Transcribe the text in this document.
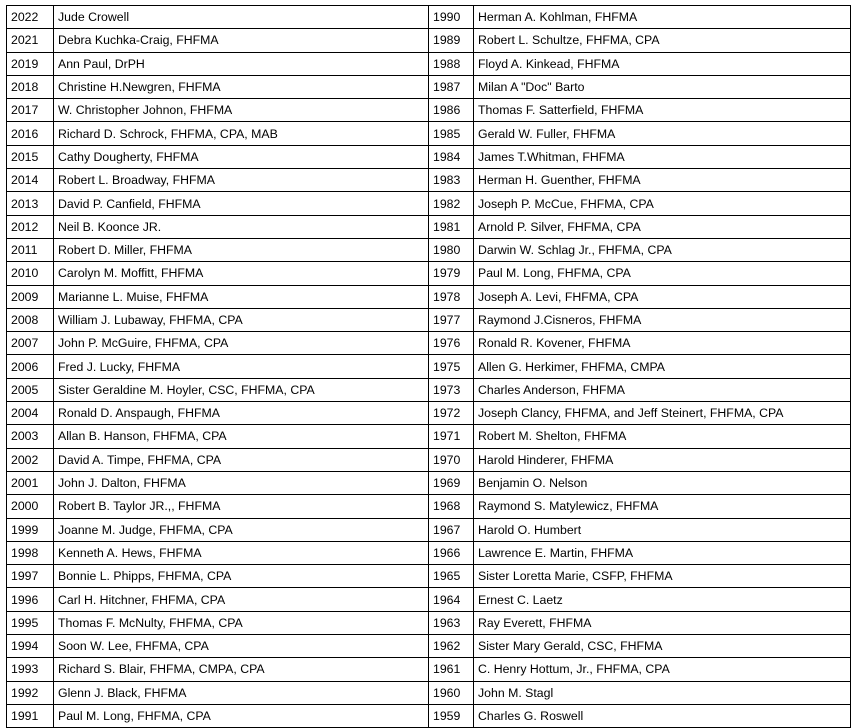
2022	Jude Crowell	1990	Herman A. Kohlman, FHFMA
2021	Debra Kuchka-Craig, FHFMA	1989	Robert L. Schultze, FHFMA, CPA
2019	Ann Paul, DrPH	1988	Floyd A. Kinkead, FHFMA
2018	Christine H.Newgren, FHFMA	1987	Milan A "Doc" Barto
2017	W. Christopher Johnon, FHFMA	1986	Thomas F. Satterfield, FHFMA
2016	Richard D. Schrock, FHFMA, CPA, MAB	1985	Gerald W. Fuller, FHFMA
2015	Cathy Dougherty, FHFMA	1984	James T.Whitman, FHFMA
2014	Robert L. Broadway, FHFMA	1983	Herman H. Guenther, FHFMA
2013	David P. Canfield, FHFMA	1982	Joseph P. McCue, FHFMA, CPA
2012	Neil B. Koonce JR.	1981	Arnold P. Silver, FHFMA, CPA
2011	Robert D. Miller, FHFMA	1980	Darwin W. Schlag Jr., FHFMA, CPA
2010	Carolyn M. Moffitt, FHFMA	1979	Paul M. Long, FHFMA, CPA
2009	Marianne L. Muise, FHFMA	1978	Joseph A. Levi, FHFMA, CPA
2008	William J. Lubaway, FHFMA, CPA	1977	Raymond J.Cisneros, FHFMA
2007	John P. McGuire, FHFMA, CPA	1976	Ronald R. Kovener, FHFMA
2006	Fred J. Lucky, FHFMA	1975	Allen G. Herkimer, FHFMA, CMPA
2005	Sister Geraldine M. Hoyler, CSC, FHFMA, CPA	1973	Charles Anderson, FHFMA
2004	Ronald D. Anspaugh, FHFMA	1972	Joseph Clancy, FHFMA, and Jeff Steinert, FHFMA, CPA
2003	Allan B. Hanson, FHFMA, CPA	1971	Robert M. Shelton, FHFMA
2002	David A. Timpe, FHFMA, CPA	1970	Harold Hinderer, FHFMA
2001	John J. Dalton, FHFMA	1969	Benjamin O. Nelson
2000	Robert B. Taylor JR.,, FHFMA	1968	Raymond S. Matylewicz, FHFMA
1999	Joanne M. Judge, FHFMA, CPA	1967	Harold O. Humbert
1998	Kenneth A. Hews, FHFMA	1966	Lawrence E. Martin, FHFMA
1997	Bonnie L. Phipps, FHFMA, CPA	1965	Sister Loretta Marie, CSFP, FHFMA
1996	Carl H. Hitchner, FHFMA, CPA	1964	Ernest C. Laetz
1995	Thomas F. McNulty, FHFMA, CPA	1963	Ray Everett, FHFMA
1994	Soon W. Lee, FHFMA, CPA	1962	Sister Mary Gerald, CSC, FHFMA
1993	Richard S. Blair, FHFMA, CMPA, CPA	1961	C. Henry Hottum, Jr., FHFMA, CPA
1992	Glenn J. Black, FHFMA	1960	John M. Stagl
1991	Paul M. Long, FHFMA, CPA	1959	Charles G. Roswell
